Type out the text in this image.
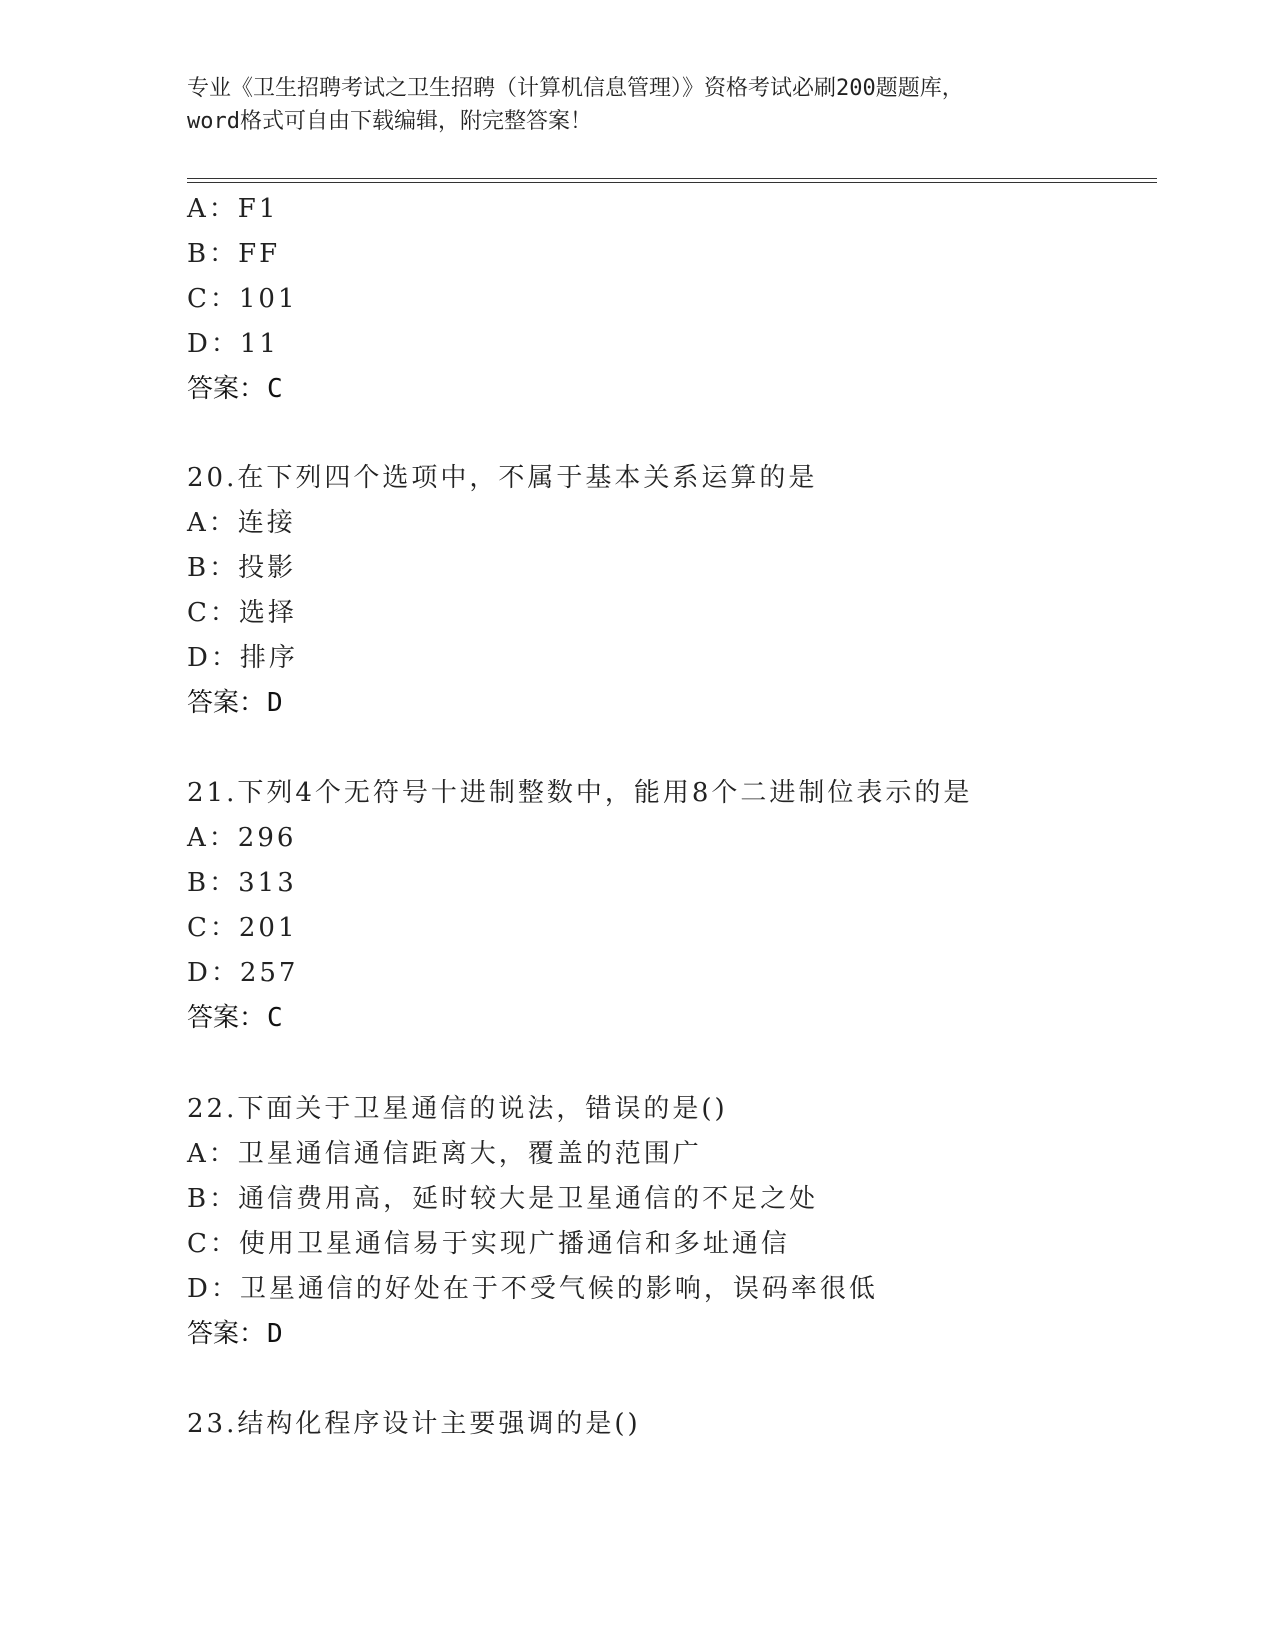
专业《卫生招聘考试之卫生招聘（计算机信息管理）》资格考试必刷200题题库，
word格式可自由下载编辑，附完整答案！
A：F1
B：FF
C：101
D：11
答案：C
20.在下列四个选项中，不属于基本关系运算的是
A：连接
B：投影
C：选择
D：排序
答案：D
21.下列4个无符号十进制整数中，能用8个二进制位表示的是
A：296
B：313
C：201
D：257
答案：C
22.下面关于卫星通信的说法，错误的是()
A：卫星通信通信距离大，覆盖的范围广
B：通信费用高，延时较大是卫星通信的不足之处
C：使用卫星通信易于实现广播通信和多址通信
D：卫星通信的好处在于不受气候的影响，误码率很低
答案：D
23.结构化程序设计主要强调的是()
